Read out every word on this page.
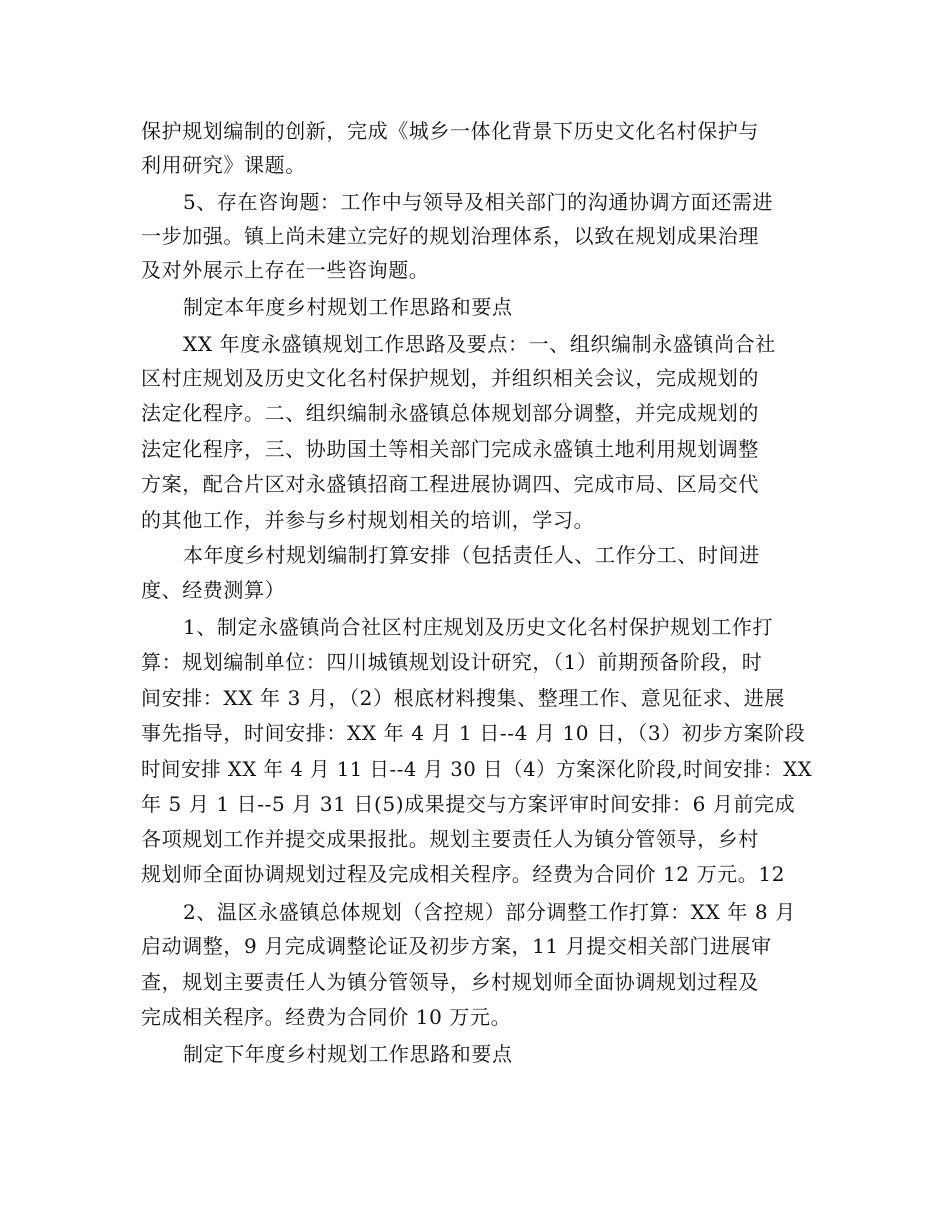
保护规划编制的创新，完成《城乡一体化背景下历史文化名村保护与
利用研究》课题。
5、存在咨询题：工作中与领导及相关部门的沟通协调方面还需进
一步加强。镇上尚未建立完好的规划治理体系，以致在规划成果治理
及对外展示上存在一些咨询题。
制定本年度乡村规划工作思路和要点
XX 年度永盛镇规划工作思路及要点：一、组织编制永盛镇尚合社
区村庄规划及历史文化名村保护规划，并组织相关会议，完成规划的
法定化程序。二、组织编制永盛镇总体规划部分调整，并完成规划的
法定化程序，三、协助国土等相关部门完成永盛镇土地利用规划调整
方案，配合片区对永盛镇招商工程进展协调四、完成市局、区局交代
的其他工作，并参与乡村规划相关的培训，学习。
本年度乡村规划编制打算安排（包括责任人、工作分工、时间进
度、经费测算）
1、制定永盛镇尚合社区村庄规划及历史文化名村保护规划工作打
算：规划编制单位：四川城镇规划设计研究，（1）前期预备阶段，时
间安排：XX 年 3 月，（2）根底材料搜集、整理工作、意见征求、进展
事先指导，时间安排：XX 年 4 月 1 日--4 月 10 日，（3）初步方案阶段
时间安排 XX 年 4 月 11 日--4 月 30 日（4）方案深化阶段,时间安排：XX
年 5 月 1 日--5 月 31 日(5)成果提交与方案评审时间安排：6 月前完成
各项规划工作并提交成果报批。规划主要责任人为镇分管领导，乡村
规划师全面协调规划过程及完成相关程序。经费为合同价 12 万元。12
2、温区永盛镇总体规划（含控规）部分调整工作打算：XX 年 8 月
启动调整，9 月完成调整论证及初步方案，11 月提交相关部门进展审
查，规划主要责任人为镇分管领导，乡村规划师全面协调规划过程及
完成相关程序。经费为合同价 10 万元。
制定下年度乡村规划工作思路和要点
